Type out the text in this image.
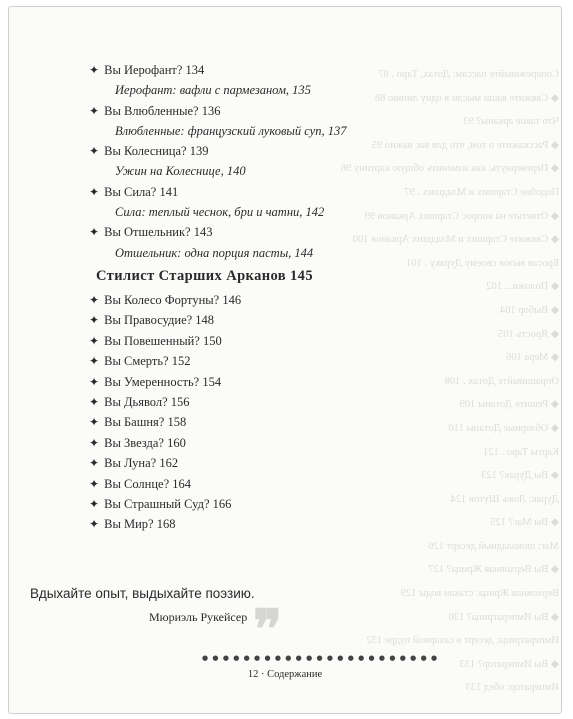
Сопереживайте пассам: Дотах, Таро . 87
◆ Свяжите ваши мысли в одну линию 88
Что такое арканы? 93
◆ Расскажите о том, что для вас важно 95
◆ Перевернуть: как изменить общую картину 96
Подобие Старших и Младших . 97
◆ Ответьте на вопрос Старших Арканов 99
◆ Свяжите Старших и Младших Арканов 100
Бросая вызов своему Дураку . 101
◆ Положи... 102
◆ Выбор 104
◆ Ярость 105
◆ Мера 106
Опрашивайте Дотах . 108
◆ Решите Дотаны 109
◆ Обзорные Дотаны 110
Карты Таро . 121
◆ Вы Дурак? 123
Дурак: Ложь Шутов 124
◆ Вы Маг? 125
Маг: шоколадный десерт 126
◆ Вы Верховная Жрица? 127
Верховная Жрица: стакан воды 129
◆ Вы Императрица? 130
Императрица: десерт в сахарной пудре 132
◆ Вы Император? 133
Император: обед 133
✦ Вы Иерофант? 134
Иерофант: вафли с пармезаном, 135
✦ Вы Влюбленные? 136
Влюбленные: французский луковый суп, 137
✦ Вы Колесница? 139
Ужин на Колеснице, 140
✦ Вы Сила? 141
Сила: теплый чеснок, бри и чатни, 142
✦ Вы Отшельник? 143
Отшельник: одна порция пасты, 144
Стилист Старших Арканов 145
✦ Вы Колесо Фортуны? 146
✦ Вы Правосудие? 148
✦ Вы Повешенный? 150
✦ Вы Смерть? 152
✦ Вы Умеренность? 154
✦ Вы Дьявол? 156
✦ Вы Башня? 158
✦ Вы Звезда? 160
✦ Вы Луна? 162
✦ Вы Солнце? 164
✦ Вы Страшный Суд? 166
✦ Вы Мир? 168
Вдыхайте опыт, выдыхайте поэзию.
Мюриэль Рукейсер ❞
●●●●●●●●●●●●●●●●●●●●●●●
12 · Содержание
